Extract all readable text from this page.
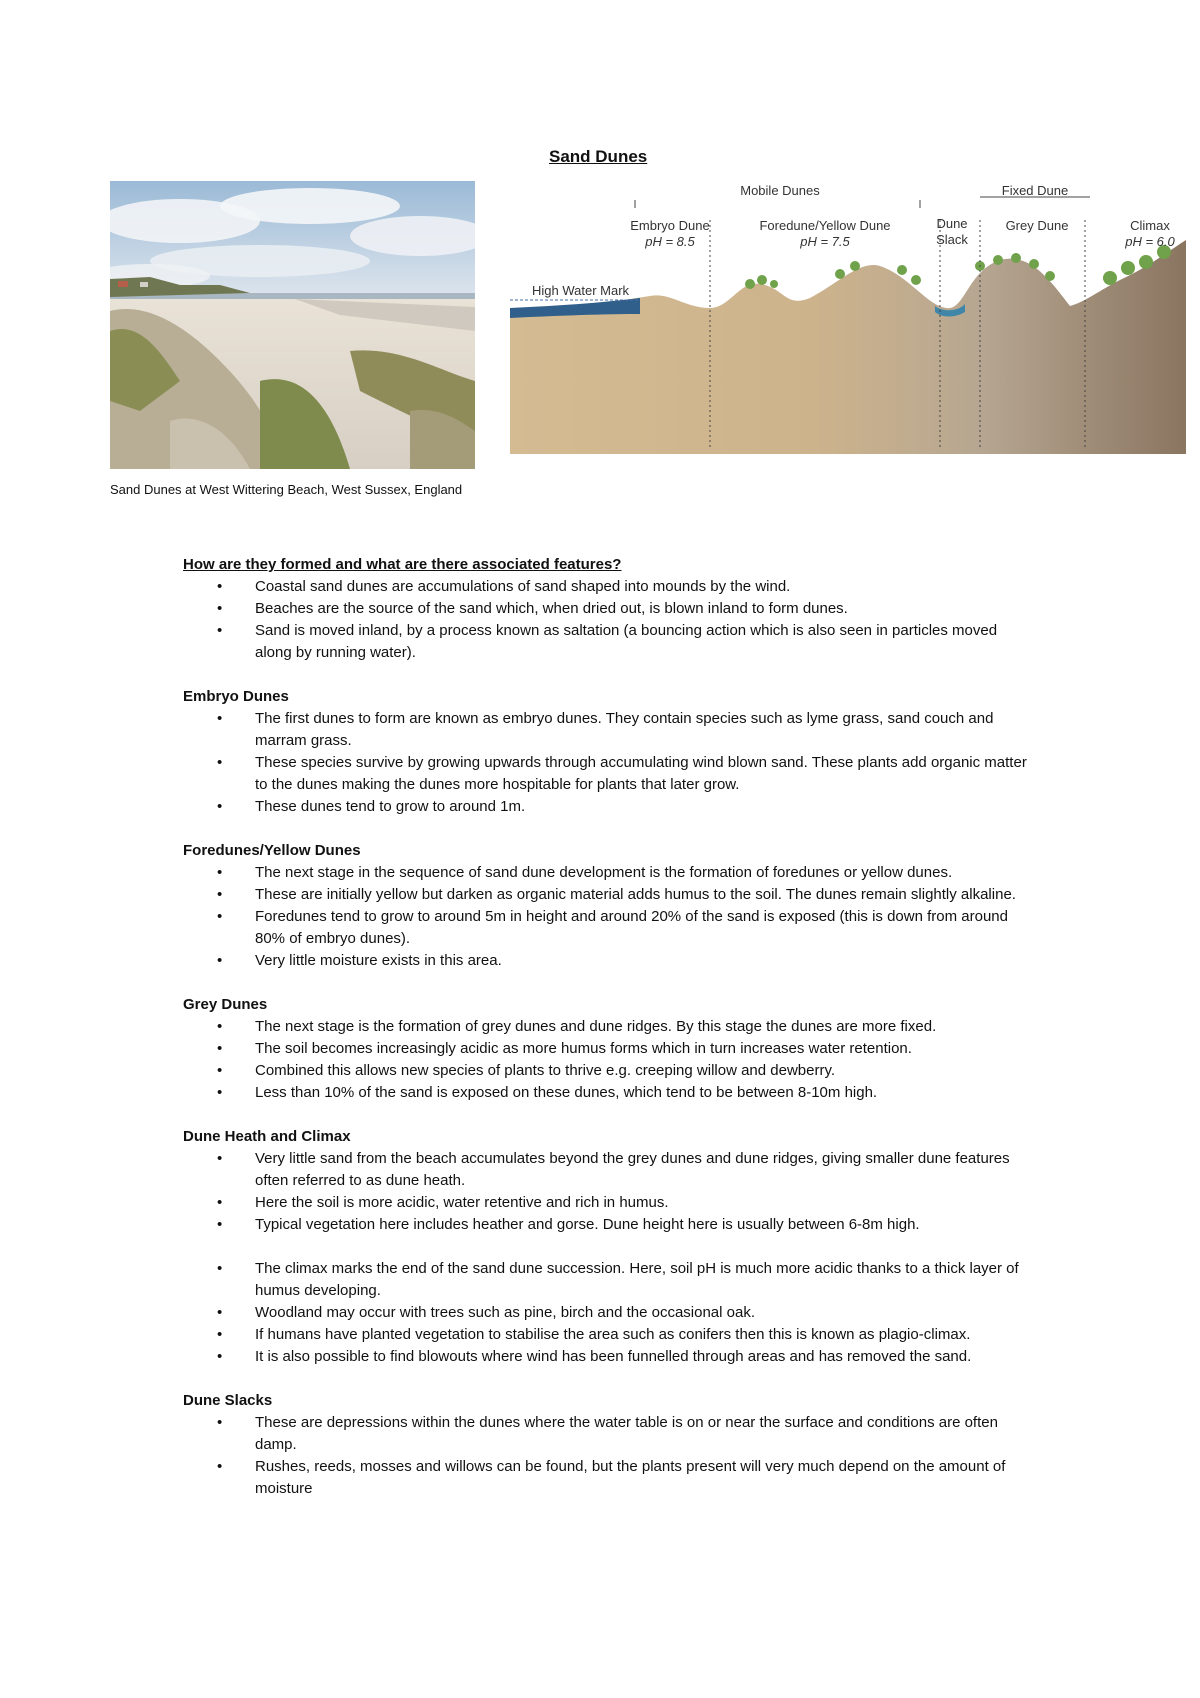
Sand Dunes
Sand Dunes at West Wittering Beach, West Sussex, England
Mobile Dunes	Fixed Dune
Embryo Dune
pH = 8.5
Foredune/Yellow Dune
pH = 7.5
Dune
Slack
Grey Dune	Climax
pH = 6.0
High Water Mark
How are they formed and what are there associated features?
• Coastal sand dunes are accumulations of sand shaped into mounds by the wind.
• Beaches are the source of the sand which, when dried out, is blown inland to form dunes.
• Sand is moved inland, by a process known as saltation (a bouncing action which is also seen in particles moved along by running water).
Embryo Dunes
• The first dunes to form are known as embryo dunes. They contain species such as lyme grass, sand couch and marram grass.
• These species survive by growing upwards through accumulating wind blown sand. These plants add organic matter to the dunes making the dunes more hospitable for plants that later grow.
• These dunes tend to grow to around 1m.
Foredunes/Yellow Dunes
• The next stage in the sequence of sand dune development is the formation of foredunes or yellow dunes.
• These are initially yellow but darken as organic material adds humus to the soil. The dunes remain slightly alkaline.
• Foredunes tend to grow to around 5m in height and around 20% of the sand is exposed (this is down from around 80% of embryo dunes).
• Very little moisture exists in this area.
Grey Dunes
• The next stage is the formation of grey dunes and dune ridges. By this stage the dunes are more fixed.
• The soil becomes increasingly acidic as more humus forms which in turn increases water retention.
• Combined this allows new species of plants to thrive e.g. creeping willow and dewberry.
• Less than 10% of the sand is exposed on these dunes, which tend to be between 8-10m high.
Dune Heath and Climax
• Very little sand from the beach accumulates beyond the grey dunes and dune ridges, giving smaller dune features often referred to as dune heath.
• Here the soil is more acidic, water retentive and rich in humus.
• Typical vegetation here includes heather and gorse. Dune height here is usually between 6-8m high.
• The climax marks the end of the sand dune succession. Here, soil pH is much more acidic thanks to a thick layer of humus developing.
• Woodland may occur with trees such as pine, birch and the occasional oak.
• If humans have planted vegetation to stabilise the area such as conifers then this is known as plagio-climax.
• It is also possible to find blowouts where wind has been funnelled through areas and has removed the sand.
Dune Slacks
• These are depressions within the dunes where the water table is on or near the surface and conditions are often damp.
• Rushes, reeds, mosses and willows can be found, but the plants present will very much depend on the amount of moisture
